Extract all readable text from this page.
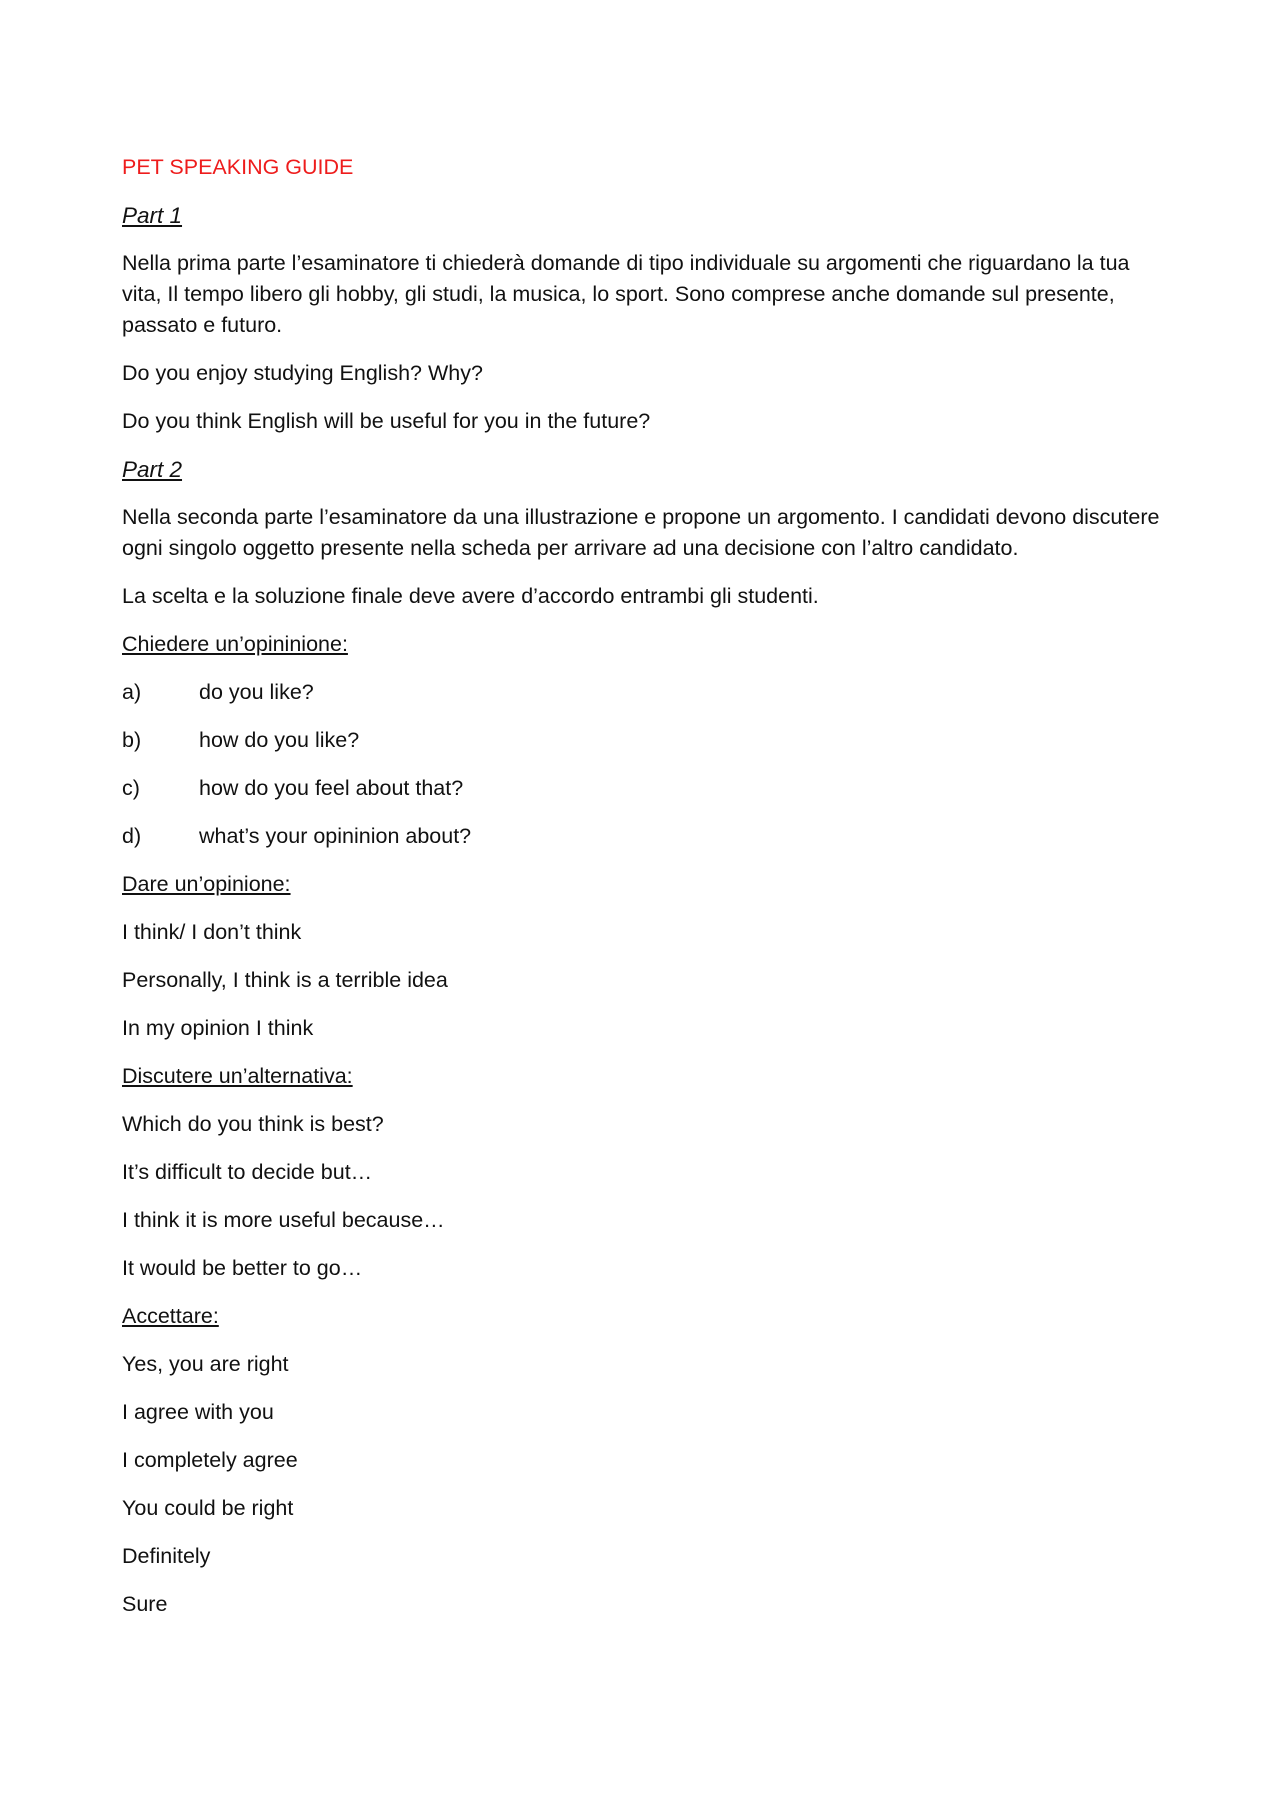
PET SPEAKING GUIDE
Part 1

Nella prima parte l’esaminatore ti chiederà domande di tipo individuale su argomenti che riguardano la tua vita, Il tempo libero gli hobby, gli studi, la musica, lo sport. Sono comprese anche domande sul presente, passato e futuro.

Do you enjoy studying English? Why?

Do you think English will be useful for you in the future?

Part 2

Nella seconda parte l’esaminatore da una illustrazione e propone un argomento. I candidati devono discutere ogni singolo oggetto presente nella scheda per arrivare ad una decisione con l’altro candidato.

La scelta e la soluzione finale deve avere d’accordo entrambi gli studenti.

Chiedere un’opininione:
a)	do you like?
b)	how do you like?
c)	how do you feel about that?
d)	what’s your opininion about?
Dare un’opinione:

I think/ I don’t think

Personally, I think is a terrible idea

In my opinion I think

Discutere un’alternativa:

Which do you think is best?

It’s difficult to decide but…

I think it is more useful because…

It would be better to go…

Accettare:

Yes, you are right

I agree with you

I completely agree

You could be right

Definitely

Sure
